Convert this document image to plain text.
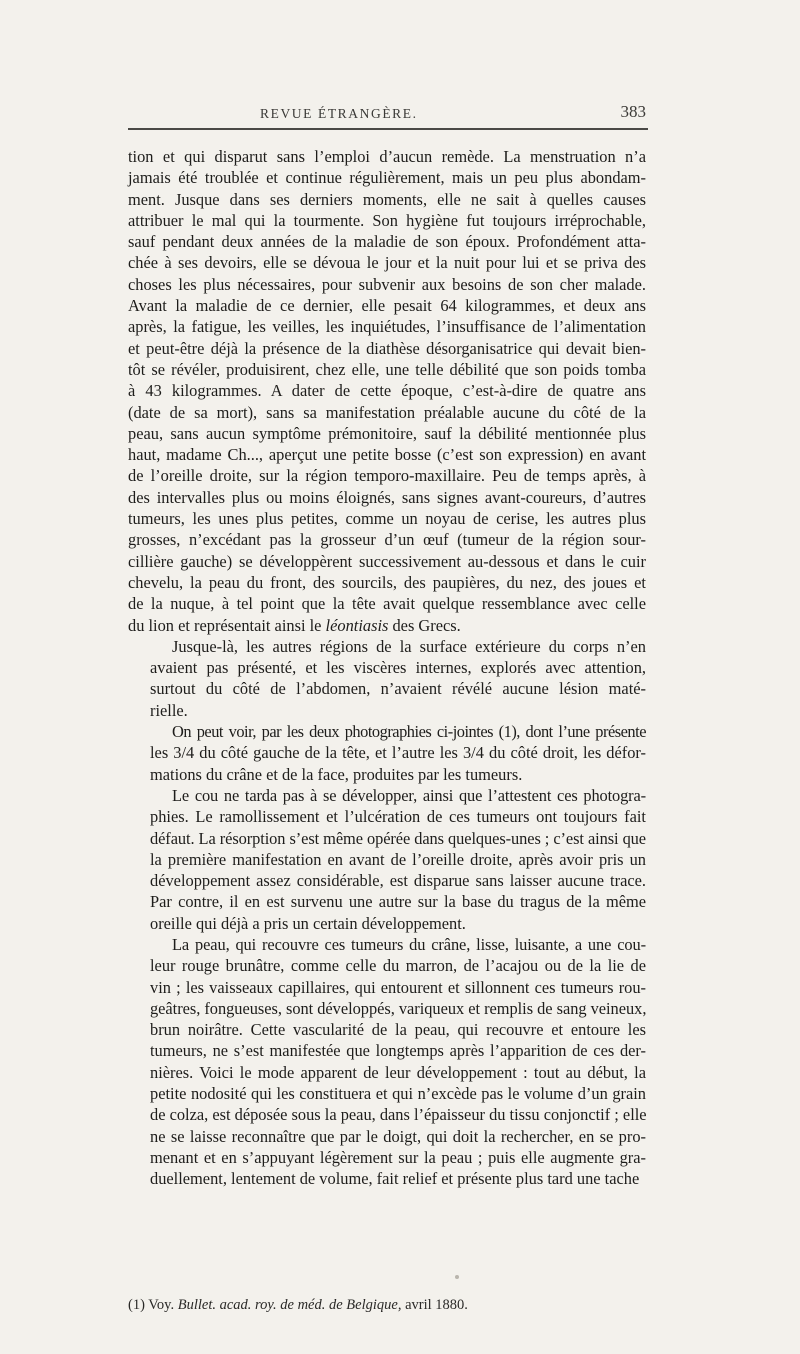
REVUE ÉTRANGÈRE.	383

tion et qui disparut sans l’emploi d’aucun remède. La menstruation n’a
jamais été troublée et continue régulièrement, mais un peu plus abondam-
ment. Jusque dans ses derniers moments, elle ne sait à quelles causes
attribuer le mal qui la tourmente. Son hygiène fut toujours irréprochable,
sauf pendant deux années de la maladie de son époux. Profondément atta-
chée à ses devoirs, elle se dévoua le jour et la nuit pour lui et se priva des
choses les plus nécessaires, pour subvenir aux besoins de son cher malade.
Avant la maladie de ce dernier, elle pesait 64 kilogrammes, et deux ans
après, la fatigue, les veilles, les inquiétudes, l’insuffisance de l’alimentation
et peut-être déjà la présence de la diathèse désorganisatrice qui devait bien-
tôt se révéler, produisirent, chez elle, une telle débilité que son poids tomba
à 43 kilogrammes. A dater de cette époque, c’est-à-dire de quatre ans
(date de sa mort), sans sa manifestation préalable aucune du côté de la
peau, sans aucun symptôme prémonitoire, sauf la débilité mentionnée plus
haut, madame Ch..., aperçut une petite bosse (c’est son expression) en avant
de l’oreille droite, sur la région temporo-maxillaire. Peu de temps après, à
des intervalles plus ou moins éloignés, sans signes avant-coureurs, d’autres
tumeurs, les unes plus petites, comme un noyau de cerise, les autres plus
grosses, n’excédant pas la grosseur d’un œuf (tumeur de la région sour-
cillière gauche) se développèrent successivement au-dessous et dans le cuir
chevelu, la peau du front, des sourcils, des paupières, du nez, des joues et
de la nuque, à tel point que la tête avait quelque ressemblance avec celle
du lion et représentait ainsi le léontiasis des Grecs.

Jusque-là, les autres régions de la surface extérieure du corps n’en
avaient pas présenté, et les viscères internes, explorés avec attention,
surtout du côté de l’abdomen, n’avaient révélé aucune lésion maté-
rielle.

On peut voir, par les deux photographies ci-jointes (1), dont l’une présente
les 3/4 du côté gauche de la tête, et l’autre les 3/4 du côté droit, les défor-
mations du crâne et de la face, produites par les tumeurs.

Le cou ne tarda pas à se développer, ainsi que l’attestent ces photogra-
phies. Le ramollissement et l’ulcération de ces tumeurs ont toujours fait
défaut. La résorption s’est même opérée dans quelques-unes ; c’est ainsi que
la première manifestation en avant de l’oreille droite, après avoir pris un
développement assez considérable, est disparue sans laisser aucune trace.
Par contre, il en est survenu une autre sur la base du tragus de la même
oreille qui déjà a pris un certain développement.

La peau, qui recouvre ces tumeurs du crâne, lisse, luisante, a une cou-
leur rouge brunâtre, comme celle du marron, de l’acajou ou de la lie de
vin ; les vaisseaux capillaires, qui entourent et sillonnent ces tumeurs rou-
geâtres, fongueuses, sont développés, variqueux et remplis de sang veineux,
brun noirâtre. Cette vascularité de la peau, qui recouvre et entoure les
tumeurs, ne s’est manifestée que longtemps après l’apparition de ces der-
nières. Voici le mode apparent de leur développement : tout au début, la
petite nodosité qui les constituera et qui n’excède pas le volume d’un grain
de colza, est déposée sous la peau, dans l’épaisseur du tissu conjonctif ; elle
ne se laisse reconnaître que par le doigt, qui doit la rechercher, en se pro-
menant et en s’appuyant légèrement sur la peau ; puis elle augmente gra-
duellement, lentement de volume, fait relief et présente plus tard une tache

(1) Voy. Bullet. acad. roy. de méd. de Belgique, avril 1880.
